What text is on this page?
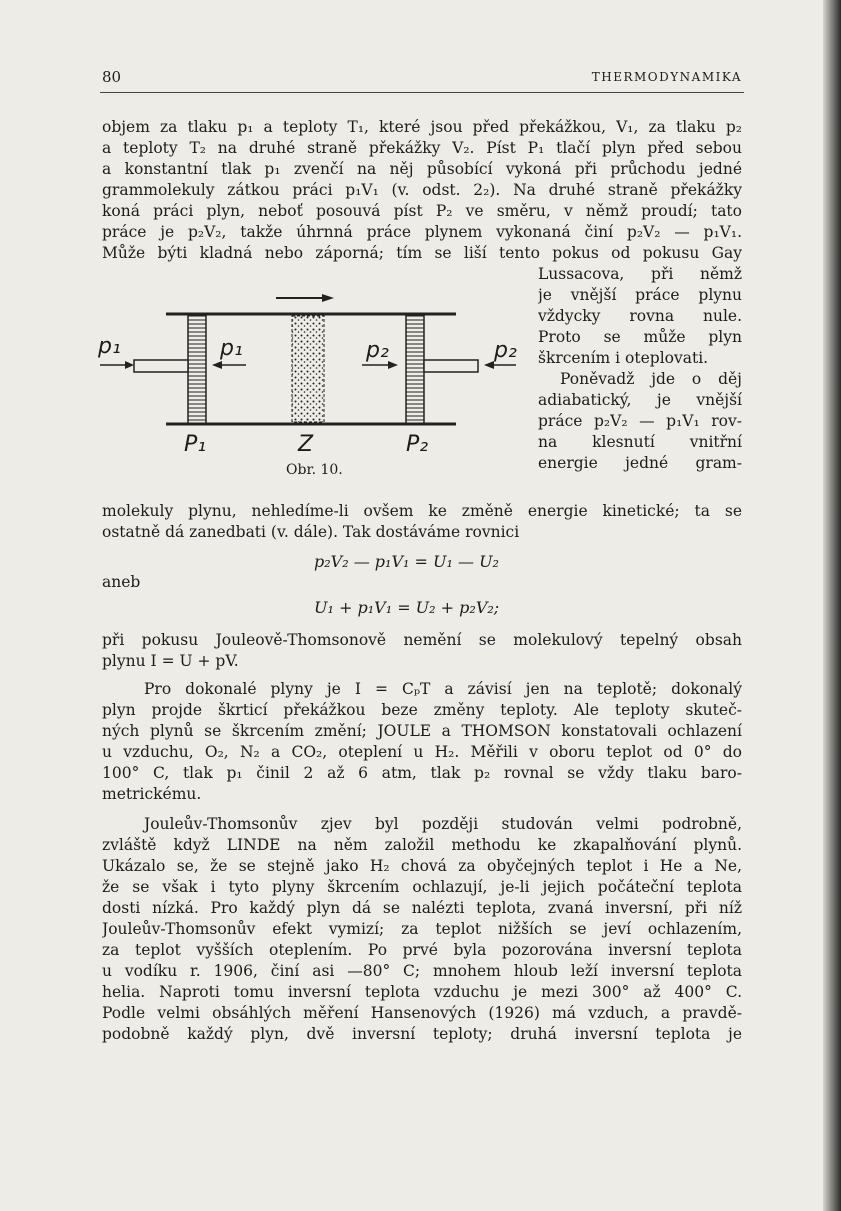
80	THERMODYNAMIKA
objem za tlaku p₁ a teploty T₁, které jsou před překážkou, V₁, za tlaku p₂
a teploty T₂ na druhé straně překážky V₂. Píst P₁ tlačí plyn před sebou
a konstantní tlak p₁ zvenčí na něj působící vykoná při průchodu jedné
grammolekuly zátkou práci p₁V₁ (v. odst. 2₂). Na druhé straně překážky
koná práci plyn, neboť posouvá píst P₂ ve směru, v němž proudí; tato
práce je p₂V₂, takže úhrnná práce plynem vykonaná činí p₂V₂ — p₁V₁.
Může býti kladná nebo záporná; tím se liší tento pokus od pokusu Gay
Lussacova, při němž
je vnější práce plynu
vždycky rovna nule.
Proto se může plyn
škrcením i oteplovati.
Poněvadž jde o děj
adiabatický, je vnější
práce p₂V₂ — p₁V₁ rov-
na klesnutí vnitřní
energie jedné gram-
p₁	p₁	p₂	p₂
P₁	Z	P₂
Obr. 10.
molekuly plynu, nehledíme-li ovšem ke změně energie kinetické; ta se
ostatně dá zanedbati (v. dále). Tak dostáváme rovnici
p₂V₂ — p₁V₁ = U₁ — U₂
aneb
U₁ + p₁V₁ = U₂ + p₂V₂;
při pokusu Jouleově-Thomsonově nemění se molekulový tepelný obsah
plynu I = U + pV.
Pro dokonalé plyny je I = CₚT a závisí jen na teplotě; dokonalý
plyn projde škrticí překážkou beze změny teploty. Ale teploty skuteč-
ných plynů se škrcením změní; JOULE a THOMSON konstatovali ochlazení
u vzduchu, O₂, N₂ a CO₂, oteplení u H₂. Měřili v oboru teplot od 0° do
100° C, tlak p₁ činil 2 až 6 atm, tlak p₂ rovnal se vždy tlaku baro-
metrickému.
Jouleův-Thomsonův zjev byl později studován velmi podrobně,
zvláště když LINDE na něm založil methodu ke zkapalňování plynů.
Ukázalo se, že se stejně jako H₂ chová za obyčejných teplot i He a Ne,
že se však i tyto plyny škrcením ochlazují, je-li jejich počáteční teplota
dosti nízká. Pro každý plyn dá se nalézti teplota, zvaná inversní, při níž
Jouleův-Thomsonův efekt vymizí; za teplot nižších se jeví ochlazením,
za teplot vyšších oteplením. Po prvé byla pozorována inversní teplota
u vodíku r. 1906, činí asi —80° C; mnohem hloub leží inversní teplota
helia. Naproti tomu inversní teplota vzduchu je mezi 300° až 400° C.
Podle velmi obsáhlých měření Hansenových (1926) má vzduch, a pravdě-
podobně každý plyn, dvě inversní teploty; druhá inversní teplota je
